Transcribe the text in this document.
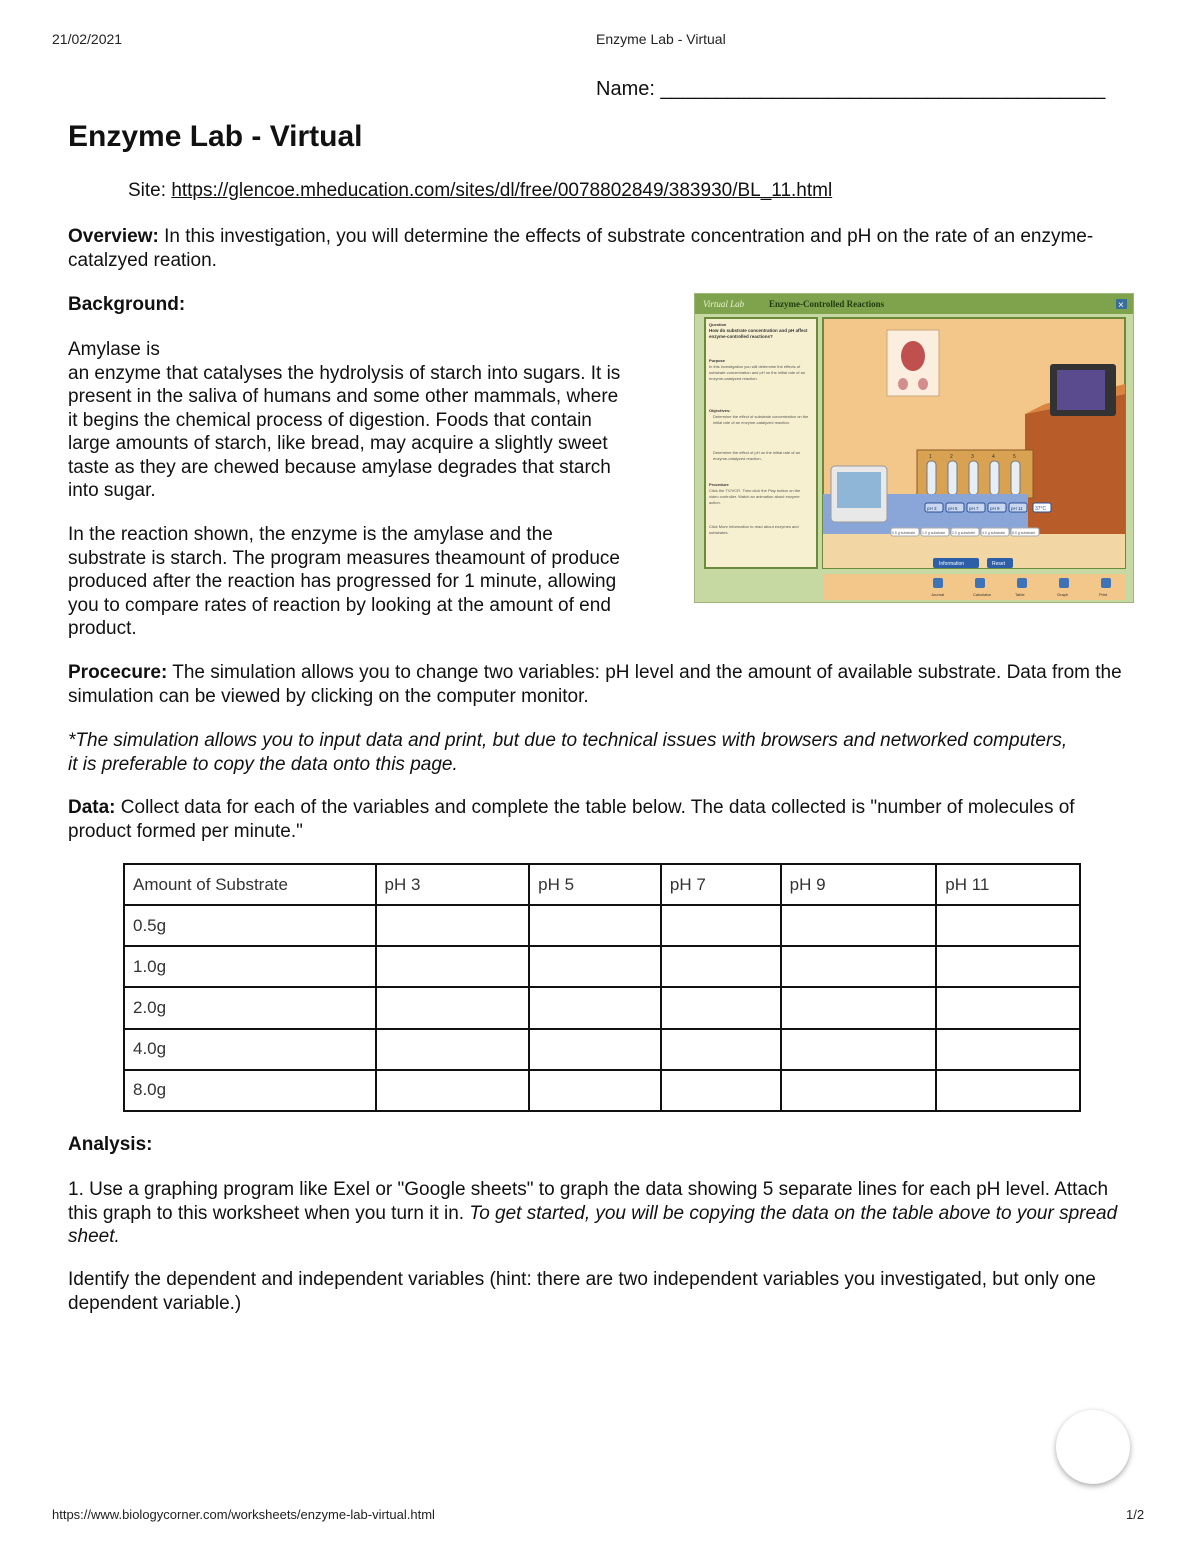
21/02/2021	Enzyme Lab - Virtual
Name: ________________________________________
Enzyme Lab - Virtual
Site: https://glencoe.mheducation.com/sites/dl/free/0078802849/383930/BL_11.html

Overview: In this investigation, you will determine the effects of substrate concentration and pH on the rate of an enzyme-catalzyed reation.

Background:

Amylase is
an enzyme that catalyses the hydrolysis of starch into sugars. It is
present in the saliva of humans and some other mammals, where
it begins the chemical process of digestion. Foods that contain
large amounts of starch, like bread, may acquire a slightly sweet
taste as they are chewed because amylase degrades that starch
into sugar.
In the reaction shown, the enzyme is the amylase and the
substrate is starch. The program measures theamount of produce
produced after the reaction has progressed for 1 minute, allowing
you to compare rates of reaction by looking at the amount of end
product.
Virtual Lab	Enzyme-Controlled Reactions	×
Question
How do substrate concentration and pH affect enzyme-controlled reactions?
Purpose
In this investigation you will determine the effects of substrate concentration and pH on the initial rate of an enzyme-catalyzed reaction.
Objectives:
Determine the effect of substrate concentration on the initial rate of an enzyme-catalyzed reaction.
Determine the effect of pH on the initial rate of an enzyme-catalyzed reaction.
Procedure
Click the TV/VCR. Then click the Play button on the video controller. Watch an animation about enzyme action.
Click More Information to read about enzymes and substrates.
1	2	3	4	5
pH 3	pH 5	pH 7	pH 9	pH 11 37°C
0.5 g substrate 1.0 g substrate 2.0 g substrate 4.0 g substrate 8.0 g substrate
Information	Reset
Journal	Calculator	Table	Graph	Print

Procecure: The simulation allows you to change two variables: pH level and the amount of available substrate. Data from the simulation can be viewed by clicking on the computer monitor.

*The simulation allows you to input data and print, but due to technical issues with browsers and networked computers, it is preferable to copy the data onto this page.

Data: Collect data for each of the variables and complete the table below. The data collected is "number of molecules of product formed per minute."

Amount of Substrate	pH 3	pH 5	pH 7	pH 9	pH 11
0.5g					
1.0g					
2.0g					
4.0g					
8.0g					

Analysis:

1. Use a graphing program like Exel or "Google sheets" to graph the data showing 5 separate lines for each pH level. Attach this graph to this worksheet when you turn it in. To get started, you will be copying the data on the table above to your spread sheet.

Identify the dependent and independent variables (hint: there are two independent variables you investigated, but only one dependent variable.)

https://www.biologycorner.com/worksheets/enzyme-lab-virtual.html	1/2
